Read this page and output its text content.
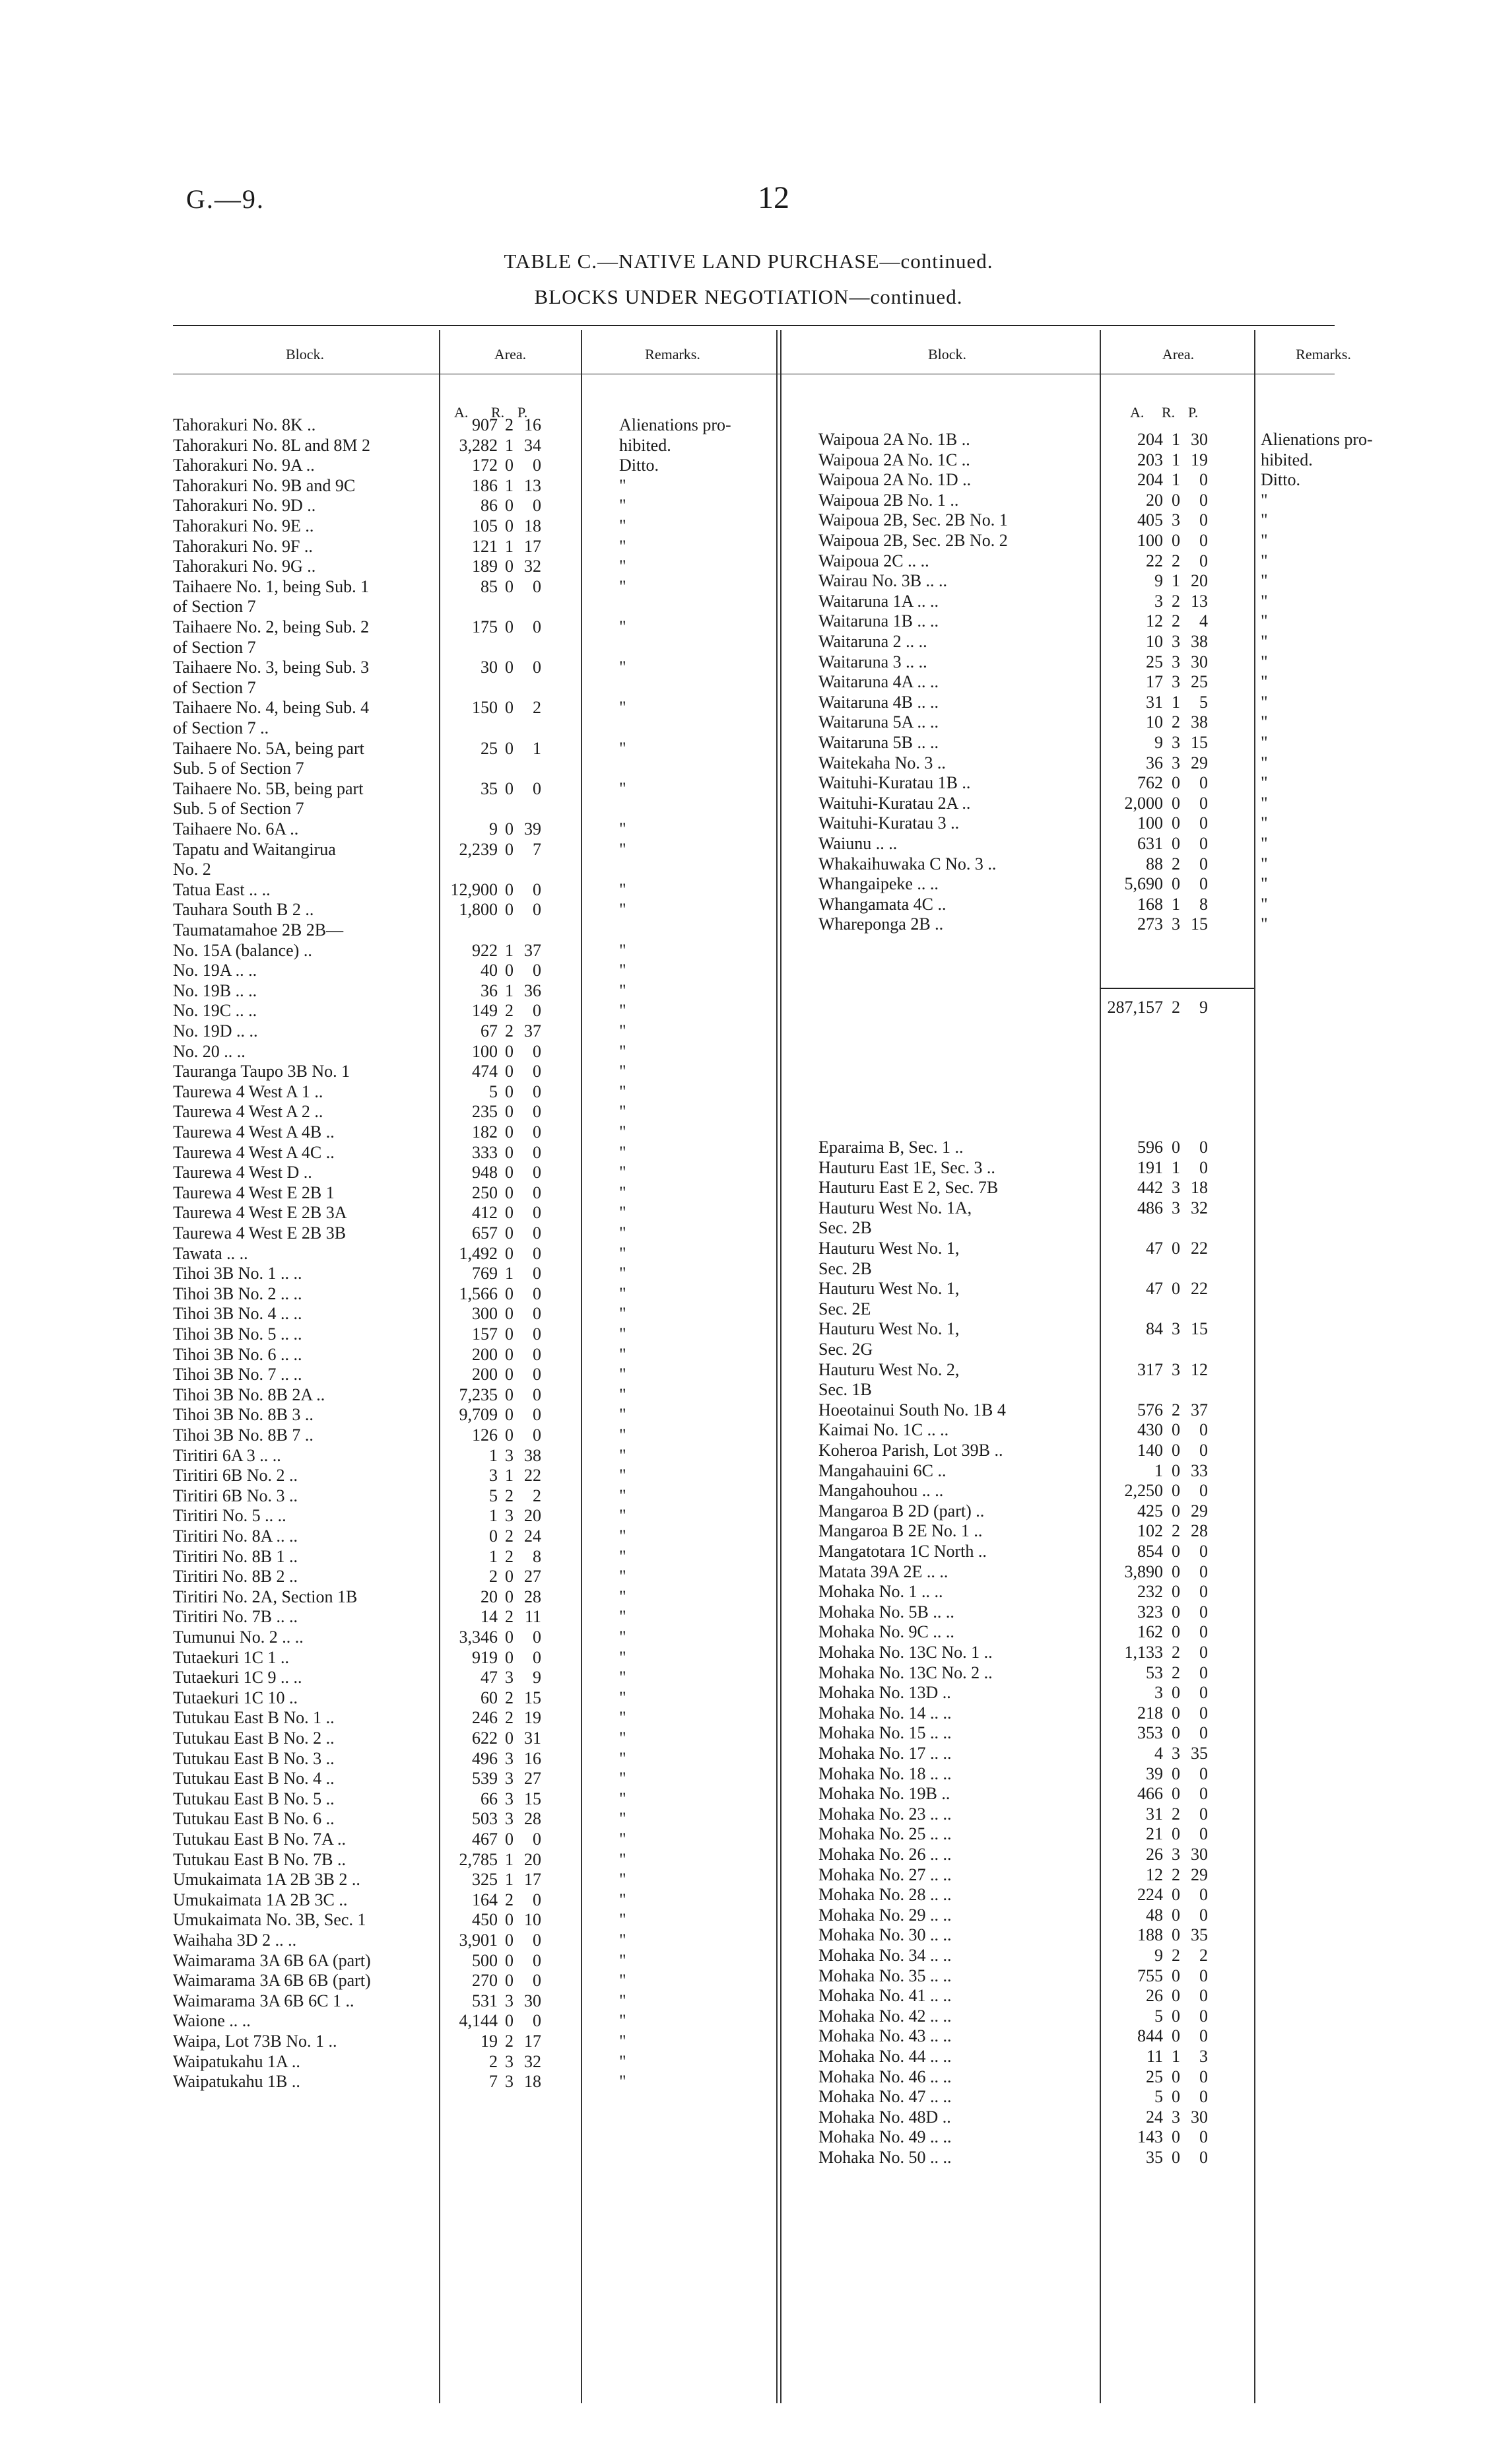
G.—9.	12
TABLE C.—NATIVE LAND PURCHASE—continued.
BLOCKS UNDER NEGOTIATION—continued.
Block.	Area.	Remarks.	Block.	Area.	Remarks.
A. R. P.	A. R. P.
Tahorakuri No. 8K ..	907 2 16	Alienations pro-
Tahorakuri No. 8L and 8M 2	3,282 1 34	hibited.
Tahorakuri No. 9A ..	172 0	0	Ditto.
Tahorakuri No. 9B and 9C	186 1 13	"
Tahorakuri No. 9D ..	86 0	0	"
Tahorakuri No. 9E ..	105 0 18	"
Tahorakuri No. 9F ..	121 1 17	"
Tahorakuri No. 9G ..	189 0 32	"
Taihaere No. 1, being Sub. 1	85 0	0	"
of Section 7
Taihaere No. 2, being Sub. 2	175 0	0	"
of Section 7
Taihaere No. 3, being Sub. 3	30 0	0	"
of Section 7
Taihaere No. 4, being Sub. 4	150 0	2	"
of Section 7 ..
Taihaere No. 5A, being part	25 0	1	"
Sub. 5 of Section 7
Taihaere No. 5B, being part	35 0	0	"
Sub. 5 of Section 7
Taihaere No. 6A ..	9 0 39	"
Tapatu and Waitangirua	2,239 0	7	"
No. 2
Tatua East .. ..	12,900 0	0	"
Tauhara South B 2 ..	1,800 0	0	"
Taumatamahoe 2B 2B—
No. 15A (balance) ..	922 1 37	"
No. 19A .. ..	40 0	0	"
No. 19B .. ..	36 1 36	"
No. 19C .. ..	149 2	0	"
No. 19D .. ..	67 2 37	"
No. 20 .. ..	100 0	0	"
Tauranga Taupo 3B No. 1	474 0	0	"
Taurewa 4 West A 1 ..	5 0	0	"
Taurewa 4 West A 2 ..	235 0	0	"
Taurewa 4 West A 4B ..	182 0	0	"
Taurewa 4 West A 4C ..	333 0	0	"
Taurewa 4 West D ..	948 0	0	"
Taurewa 4 West E 2B 1	250 0	0	"
Taurewa 4 West E 2B 3A	412 0	0	"
Taurewa 4 West E 2B 3B	657 0	0	"
Tawata .. ..	1,492 0	0	"
Tihoi 3B No. 1 .. ..	769 1	0	"
Tihoi 3B No. 2 .. ..	1,566 0	0	"
Tihoi 3B No. 4 .. ..	300 0	0	"
Tihoi 3B No. 5 .. ..	157 0	0	"
Tihoi 3B No. 6 .. ..	200 0	0	"
Tihoi 3B No. 7 .. ..	200 0	0	"
Tihoi 3B No. 8B 2A ..	7,235 0	0	"
Tihoi 3B No. 8B 3 ..	9,709 0	0	"
Tihoi 3B No. 8B 7 ..	126 0	0	"
Tiritiri 6A 3 .. ..	1 3 38	"
Tiritiri 6B No. 2 ..	3 1 22	"
Tiritiri 6B No. 3 ..	5 2	2	"
Tiritiri No. 5 .. ..	1 3 20	"
Tiritiri No. 8A .. ..	0 2 24	"
Tiritiri No. 8B 1 ..	1 2	8	"
Tiritiri No. 8B 2 ..	2 0 27	"
Tiritiri No. 2A, Section 1B	20 0 28	"
Tiritiri No. 7B .. ..	14 2 11	"
Tumunui No. 2 .. ..	3,346 0	0	"
Tutaekuri 1C 1 ..	919 0	0	"
Tutaekuri 1C 9 .. ..	47 3	9	"
Tutaekuri 1C 10 ..	60 2 15	"
Tutukau East B No. 1 ..	246 2 19	"
Tutukau East B No. 2 ..	622 0 31	"
Tutukau East B No. 3 ..	496 3 16	"
Tutukau East B No. 4 ..	539 3 27	"
Tutukau East B No. 5 ..	66 3 15	"
Tutukau East B No. 6 ..	503 3 28	"
Tutukau East B No. 7A ..	467 0	0	"
Tutukau East B No. 7B ..	2,785 1 20	"
Umukaimata 1A 2B 3B 2 ..	325 1 17	"
Umukaimata 1A 2B 3C ..	164 2	0	"
Umukaimata No. 3B, Sec. 1	450 0 10	"
Waihaha 3D 2 .. ..	3,901 0	0	"
Waimarama 3A 6B 6A (part)	500 0	0	"
Waimarama 3A 6B 6B (part)	270 0	0	"
Waimarama 3A 6B 6C 1 ..	531 3 30	"
Waione .. ..	4,144 0	0	"
Waipa, Lot 73B No. 1 ..	19 2 17	"
Waipatukahu 1A ..	2 3 32	"
Waipatukahu 1B ..	7 3 18	"
Waipoua 2A No. 1B ..	204 1 30	Alienations pro-
Waipoua 2A No. 1C ..	203 1 19	hibited.
Waipoua 2A No. 1D ..	204 1	0	Ditto.
Waipoua 2B No. 1 ..	20 0	0	"
Waipoua 2B, Sec. 2B No. 1	405 3	0	"
Waipoua 2B, Sec. 2B No. 2	100 0	0	"
Waipoua 2C .. ..	22 2	0	"
Wairau No. 3B .. ..	9 1 20	"
Waitaruna 1A .. ..	3 2 13	"
Waitaruna 1B .. ..	12 2	4	"
Waitaruna 2 .. ..	10 3 38	"
Waitaruna 3 .. ..	25 3 30	"
Waitaruna 4A .. ..	17 3 25	"
Waitaruna 4B .. ..	31 1	5	"
Waitaruna 5A .. ..	10 2 38	"
Waitaruna 5B .. ..	9 3 15	"
Waitekaha No. 3 ..	36 3 29	"
Waituhi-Kuratau 1B ..	762 0	0	"
Waituhi-Kuratau 2A ..	2,000 0	0	"
Waituhi-Kuratau 3 ..	100 0	0	"
Waiunu .. ..	631 0	0	"
Whakaihuwaka C No. 3 ..	88 2	0	"
Whangaipeke .. ..	5,690 0	0	"
Whangamata 4C ..	168 1	8	"
Whareponga 2B ..	273 3 15	"
287,157 2	9
Eparaima B, Sec. 1 ..	596 0	0
Hauturu East 1E, Sec. 3 ..	191 1	0
Hauturu East E 2, Sec. 7B	442 3 18
Hauturu West No. 1A,	486 3 32
Sec. 2B
Hauturu West No. 1,	47 0 22
Sec. 2B
Hauturu West No. 1,	47 0 22
Sec. 2E
Hauturu West No. 1,	84 3 15
Sec. 2G
Hauturu West No. 2,	317 3 12
Sec. 1B
Hoeotainui South No. 1B 4	576 2 37
Kaimai No. 1C .. ..	430 0	0
Koheroa Parish, Lot 39B ..	140 0	0
Mangahauini 6C ..	1 0 33
Mangahouhou .. ..	2,250 0	0
Mangaroa B 2D (part) ..	425 0 29
Mangaroa B 2E No. 1 ..	102 2 28
Mangatotara 1C North ..	854 0	0
Matata 39A 2E .. ..	3,890 0	0
Mohaka No. 1 .. ..	232 0	0
Mohaka No. 5B .. ..	323 0	0
Mohaka No. 9C .. ..	162 0	0
Mohaka No. 13C No. 1 ..	1,133 2	0
Mohaka No. 13C No. 2 ..	53 2	0
Mohaka No. 13D ..	3 0	0
Mohaka No. 14 .. ..	218 0	0
Mohaka No. 15 .. ..	353 0	0
Mohaka No. 17 .. ..	4 3 35
Mohaka No. 18 .. ..	39 0	0
Mohaka No. 19B ..	466 0	0
Mohaka No. 23 .. ..	31 2	0
Mohaka No. 25 .. ..	21 0	0
Mohaka No. 26 .. ..	26 3 30
Mohaka No. 27 .. ..	12 2 29
Mohaka No. 28 .. ..	224 0	0
Mohaka No. 29 .. ..	48 0	0
Mohaka No. 30 .. ..	188 0 35
Mohaka No. 34 .. ..	9 2	2
Mohaka No. 35 .. ..	755 0	0
Mohaka No. 41 .. ..	26 0	0
Mohaka No. 42 .. ..	5 0	0
Mohaka No. 43 .. ..	844 0	0
Mohaka No. 44 .. ..	11 1	3
Mohaka No. 46 .. ..	25 0	0
Mohaka No. 47 .. ..	5 0	0
Mohaka No. 48D ..	24 3 30
Mohaka No. 49 .. ..	143 0	0
Mohaka No. 50 .. ..	35 0	0
